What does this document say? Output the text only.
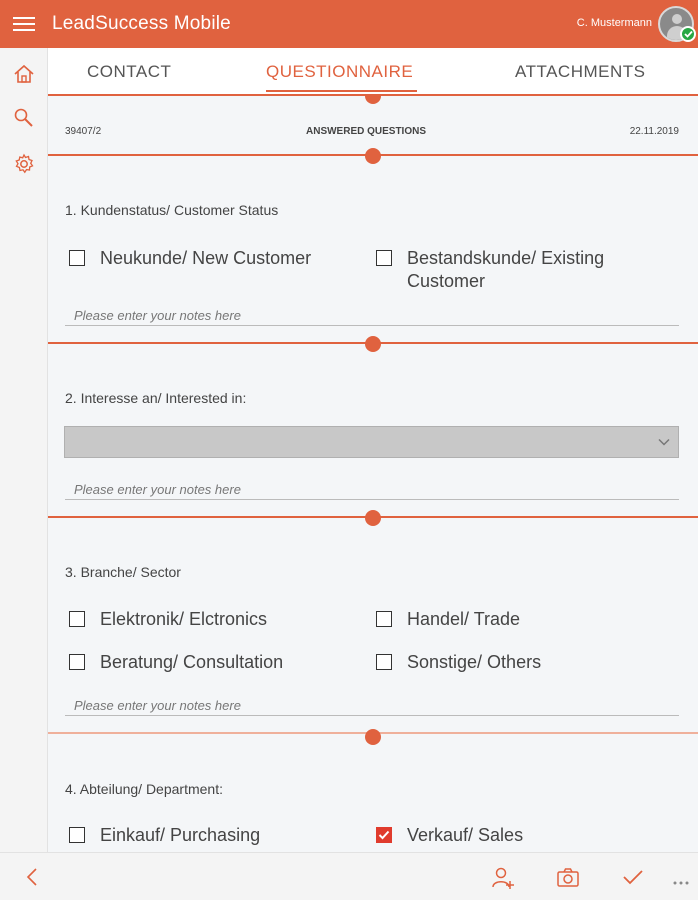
LeadSuccess Mobile	C. Mustermann
CONTACT	QUESTIONNAIRE	ATTACHMENTS
39407/2	ANSWERED QUESTIONS	22.11.2019
1. Kundenstatus/ Customer Status
Neukunde/ New Customer	Bestandskunde/ Existing
Customer
Please enter your notes here
2. Interesse an/ Interested in:
Please enter your notes here
3. Branche/ Sector
Elektronik/ Elctronics	Handel/ Trade
Beratung/ Consultation	Sonstige/ Others
Please enter your notes here
4. Abteilung/ Department:
Einkauf/ Purchasing	Verkauf/ Sales
